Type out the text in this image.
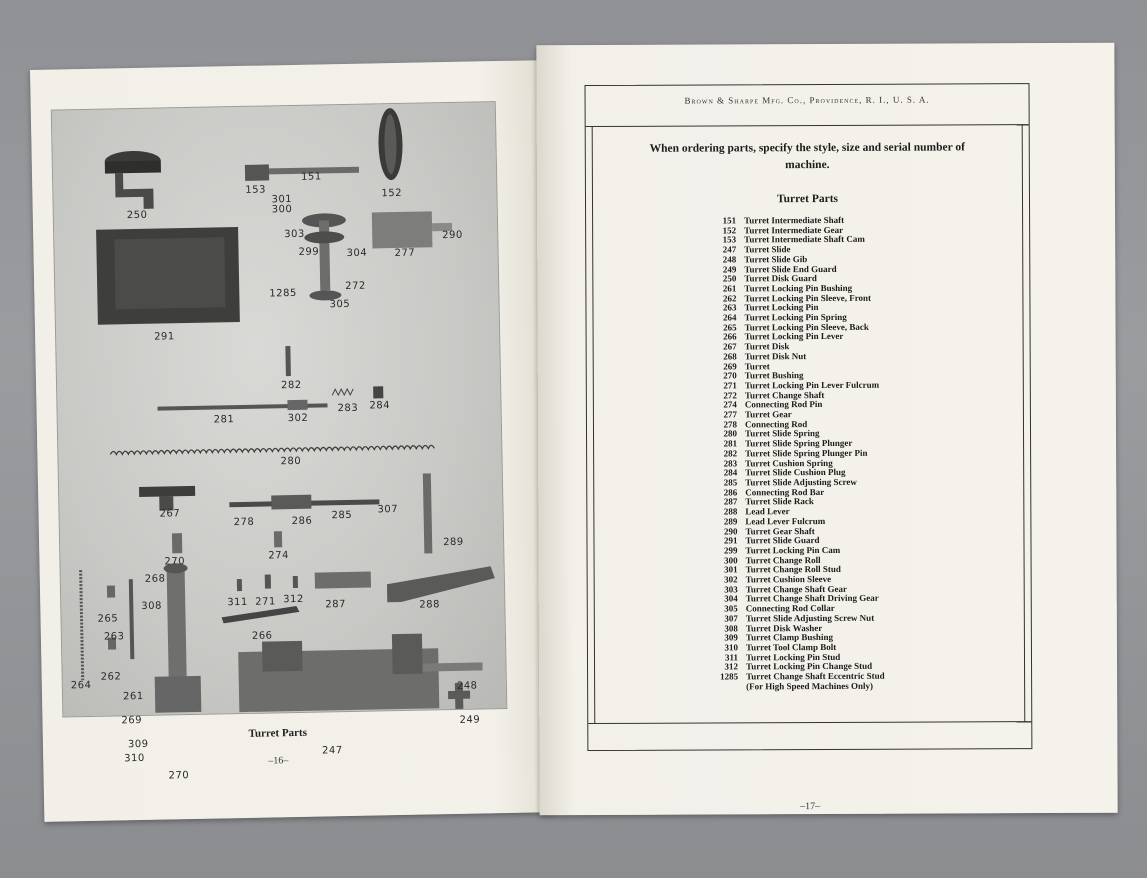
250
153
151
152
301
300
303
299	304	277
290
291
1285
272
305
282
281	302
283 284
280
267
278	286
285
307
289
270
274
268
308
265
263
311 271 312 287	288
266
264
262
261
269
248
249
309
310
247
270
Turret Parts
–16–
Brown & Sharpe Mfg. Co., Providence, R. I., U. S. A.
When ordering parts, specify the style, size and serial number of machine.
Turret Parts
151 Turret Intermediate Shaft
152 Turret Intermediate Gear
153 Turret Intermediate Shaft Cam
247 Turret Slide
248 Turret Slide Gib
249 Turret Slide End Guard
250 Turret Disk Guard
261 Turret Locking Pin Bushing
262 Turret Locking Pin Sleeve, Front
263 Turret Locking Pin
264 Turret Locking Pin Spring
265 Turret Locking Pin Sleeve, Back
266 Turret Locking Pin Lever
267 Turret Disk
268 Turret Disk Nut
269 Turret
270 Turret Bushing
271 Turret Locking Pin Lever Fulcrum
272 Turret Change Shaft
274 Connecting Rod Pin
277 Turret Gear
278 Connecting Rod
280 Turret Slide Spring
281 Turret Slide Spring Plunger
282 Turret Slide Spring Plunger Pin
283 Turret Cushion Spring
284 Turret Slide Cushion Plug
285 Turret Slide Adjusting Screw
286 Connecting Rod Bar
287 Turret Slide Rack
288 Lead Lever
289 Lead Lever Fulcrum
290 Turret Gear Shaft
291 Turret Slide Guard
299 Turret Locking Pin Cam
300 Turret Change Roll
301 Turret Change Roll Stud
302 Turret Cushion Sleeve
303 Turret Change Shaft Gear
304 Turret Change Shaft Driving Gear
305 Connecting Rod Collar
307 Turret Slide Adjusting Screw Nut
308 Turret Disk Washer
309 Turret Clamp Bushing
310 Turret Tool Clamp Bolt
311 Turret Locking Pin Stud
312 Turret Locking Pin Change Stud
1285 Turret Change Shaft Eccentric Stud
(For High Speed Machines Only)
–17–
